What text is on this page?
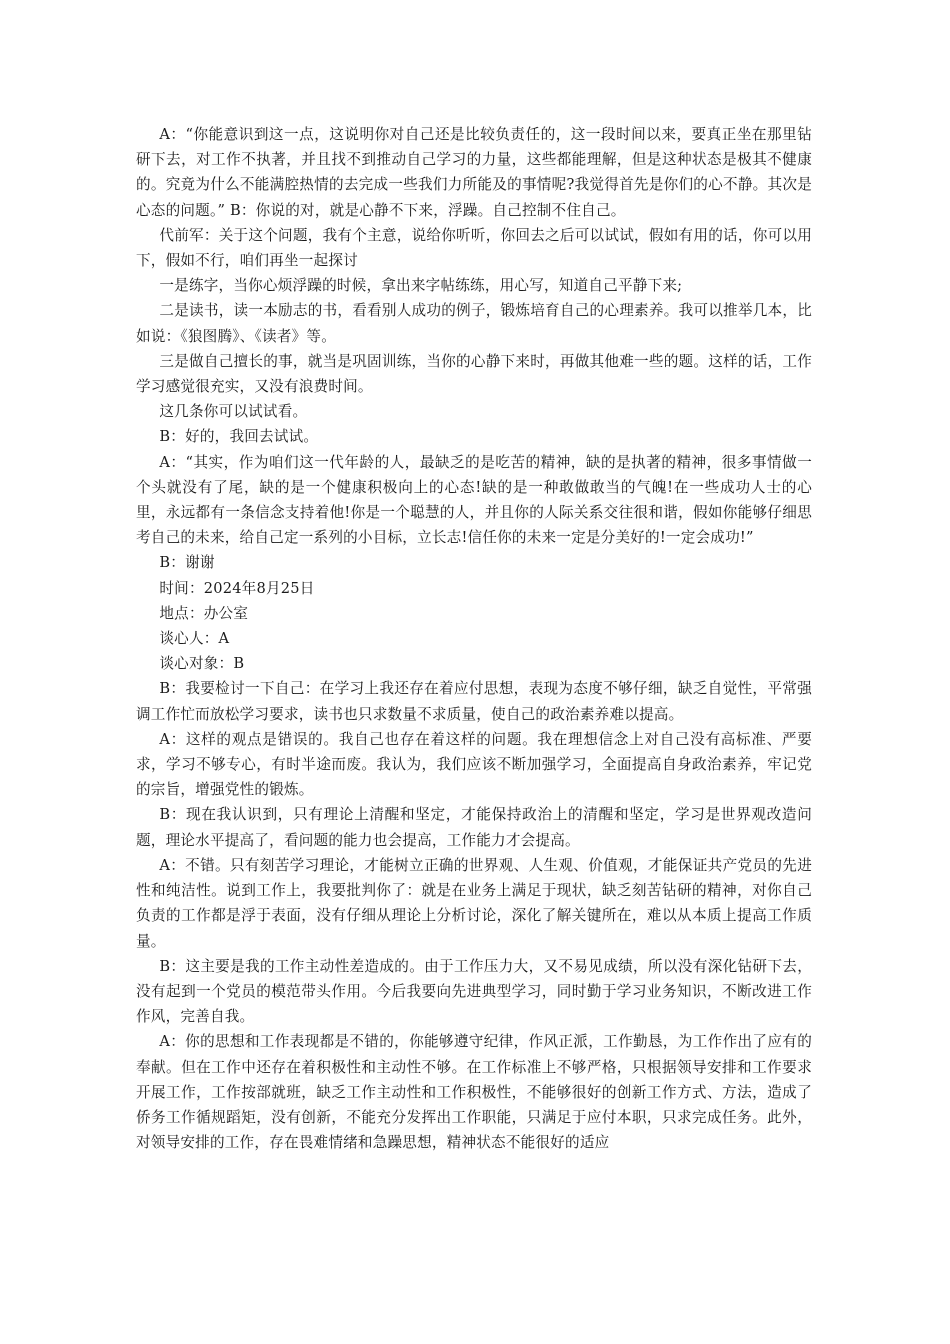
A：“你能意识到这一点，这说明你对自己还是比较负责任的，这一段时间以来，要真正坐在那里钻研下去，对工作不执著，并且找不到推动自己学习的力量，这些都能理解，但是这种状态是极其不健康的。究竟为什么不能满腔热情的去完成一些我们力所能及的事情呢?我觉得首先是你们的心不静。其次是心态的问题。” B：你说的对，就是心静不下来，浮躁。自己控制不住自己。

代前军：关于这个问题，我有个主意，说给你听听，你回去之后可以试试，假如有用的话，你可以用下，假如不行，咱们再坐一起探讨

一是练字，当你心烦浮躁的时候，拿出来字帖练练，用心写，知道自己平静下来;

二是读书，读一本励志的书，看看别人成功的例子，锻炼培育自己的心理素养。我可以推举几本，比如说：《狼图腾》、《读者》等。

三是做自己擅长的事，就当是巩固训练，当你的心静下来时，再做其他难一些的题。这样的话，工作学习感觉很充实，又没有浪费时间。

这几条你可以试试看。

B：好的，我回去试试。

A：“其实，作为咱们这一代年龄的人，最缺乏的是吃苦的精神，缺的是执著的精神，很多事情做一个头就没有了尾，缺的是一个健康积极向上的心态!缺的是一种敢做敢当的气魄!在一些成功人士的心里，永远都有一条信念支持着他!你是一个聪慧的人，并且你的人际关系交往很和谐，假如你能够仔细思考自己的未来，给自己定一系列的小目标，立长志!信任你的未来一定是分美好的!一定会成功!”

B：谢谢

时间：2024年8月25日

地点：办公室

谈心人：A

谈心对象：B

B：我要检讨一下自己：在学习上我还存在着应付思想，表现为态度不够仔细，缺乏自觉性，平常强调工作忙而放松学习要求，读书也只求数量不求质量，使自己的政治素养难以提高。

A：这样的观点是错误的。我自己也存在着这样的问题。我在理想信念上对自己没有高标准、严要求，学习不够专心，有时半途而废。我认为，我们应该不断加强学习，全面提高自身政治素养，牢记党的宗旨，增强党性的锻炼。

B：现在我认识到，只有理论上清醒和坚定，才能保持政治上的清醒和坚定，学习是世界观改造问题，理论水平提高了，看问题的能力也会提高，工作能力才会提高。

A：不错。只有刻苦学习理论，才能树立正确的世界观、人生观、价值观，才能保证共产党员的先进性和纯洁性。说到工作上，我要批判你了：就是在业务上满足于现状，缺乏刻苦钻研的精神，对你自己负责的工作都是浮于表面，没有仔细从理论上分析讨论，深化了解关键所在，难以从本质上提高工作质量。

B：这主要是我的工作主动性差造成的。由于工作压力大，又不易见成绩，所以没有深化钻研下去，没有起到一个党员的模范带头作用。今后我要向先进典型学习，同时勤于学习业务知识，不断改进工作作风，完善自我。

A：你的思想和工作表现都是不错的，你能够遵守纪律，作风正派，工作勤恳，为工作作出了应有的奉献。但在工作中还存在着积极性和主动性不够。在工作标准上不够严格，只根据领导安排和工作要求开展工作，工作按部就班，缺乏工作主动性和工作积极性，不能够很好的创新工作方式、方法，造成了侨务工作循规蹈矩，没有创新，不能充分发挥出工作职能，只满足于应付本职，只求完成任务。此外，对领导安排的工作，存在畏难情绪和急躁思想，精神状态不能很好的适应
